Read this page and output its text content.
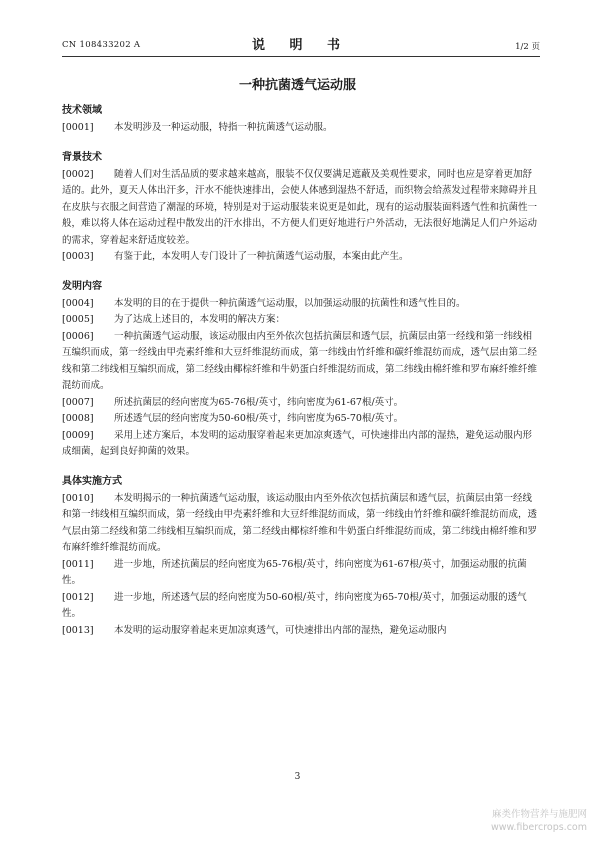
CN 108433202 A	说 明 书	1/2 页
一种抗菌透气运动服
技术领域

[0001] 本发明涉及一种运动服，特指一种抗菌透气运动服。

背景技术

[0002] 随着人们对生活品质的要求越来越高，服装不仅仅要满足遮蔽及美观性要求，同时也应是穿着更加舒适的。此外，夏天人体出汗多，汗水不能快速排出，会使人体感到湿热不舒适，而织物会给蒸发过程带来障碍并且在皮肤与衣服之间营造了潮湿的环境，特别是对于运动服装来说更是如此，现有的运动服装面料透气性和抗菌性一般，难以将人体在运动过程中散发出的汗水排出，不方便人们更好地进行户外活动，无法很好地满足人们户外运动的需求，穿着起来舒适度较差。

[0003] 有鉴于此，本发明人专门设计了一种抗菌透气运动服，本案由此产生。

发明内容

[0004] 本发明的目的在于提供一种抗菌透气运动服，以加强运动服的抗菌性和透气性目的。

[0005] 为了达成上述目的，本发明的解决方案：

[0006] 一种抗菌透气运动服，该运动服由内至外依次包括抗菌层和透气层，抗菌层由第一经线和第一纬线相互编织而成，第一经线由甲壳素纤维和大豆纤维混纺而成，第一纬线由竹纤维和碳纤维混纺而成，透气层由第二经线和第二纬线相互编织而成，第二经线由椰棕纤维和牛奶蛋白纤维混纺而成，第二纬线由棉纤维和罗布麻纤维纤维混纺而成。

[0007] 所述抗菌层的经向密度为65-76根/英寸，纬向密度为61-67根/英寸。

[0008] 所述透气层的经向密度为50-60根/英寸，纬向密度为65-70根/英寸。

[0009] 采用上述方案后，本发明的运动服穿着起来更加凉爽透气，可快速排出内部的湿热，避免运动服内形成细菌，起到良好抑菌的效果。

具体实施方式

[0010] 本发明揭示的一种抗菌透气运动服，该运动服由内至外依次包括抗菌层和透气层，抗菌层由第一经线和第一纬线相互编织而成，第一经线由甲壳素纤维和大豆纤维混纺而成，第一纬线由竹纤维和碳纤维混纺而成，透气层由第二经线和第二纬线相互编织而成，第二经线由椰棕纤维和牛奶蛋白纤维混纺而成，第二纬线由棉纤维和罗布麻纤维纤维混纺而成。

[0011] 进一步地，所述抗菌层的经向密度为65-76根/英寸，纬向密度为61-67根/英寸，加强运动服的抗菌性。

[0012] 进一步地，所述透气层的经向密度为50-60根/英寸，纬向密度为65-70根/英寸，加强运动服的透气性。

[0013] 本发明的运动服穿着起来更加凉爽透气，可快速排出内部的湿热，避免运动服内

3
麻类作物营养与施肥网
www.fibercrops.com
